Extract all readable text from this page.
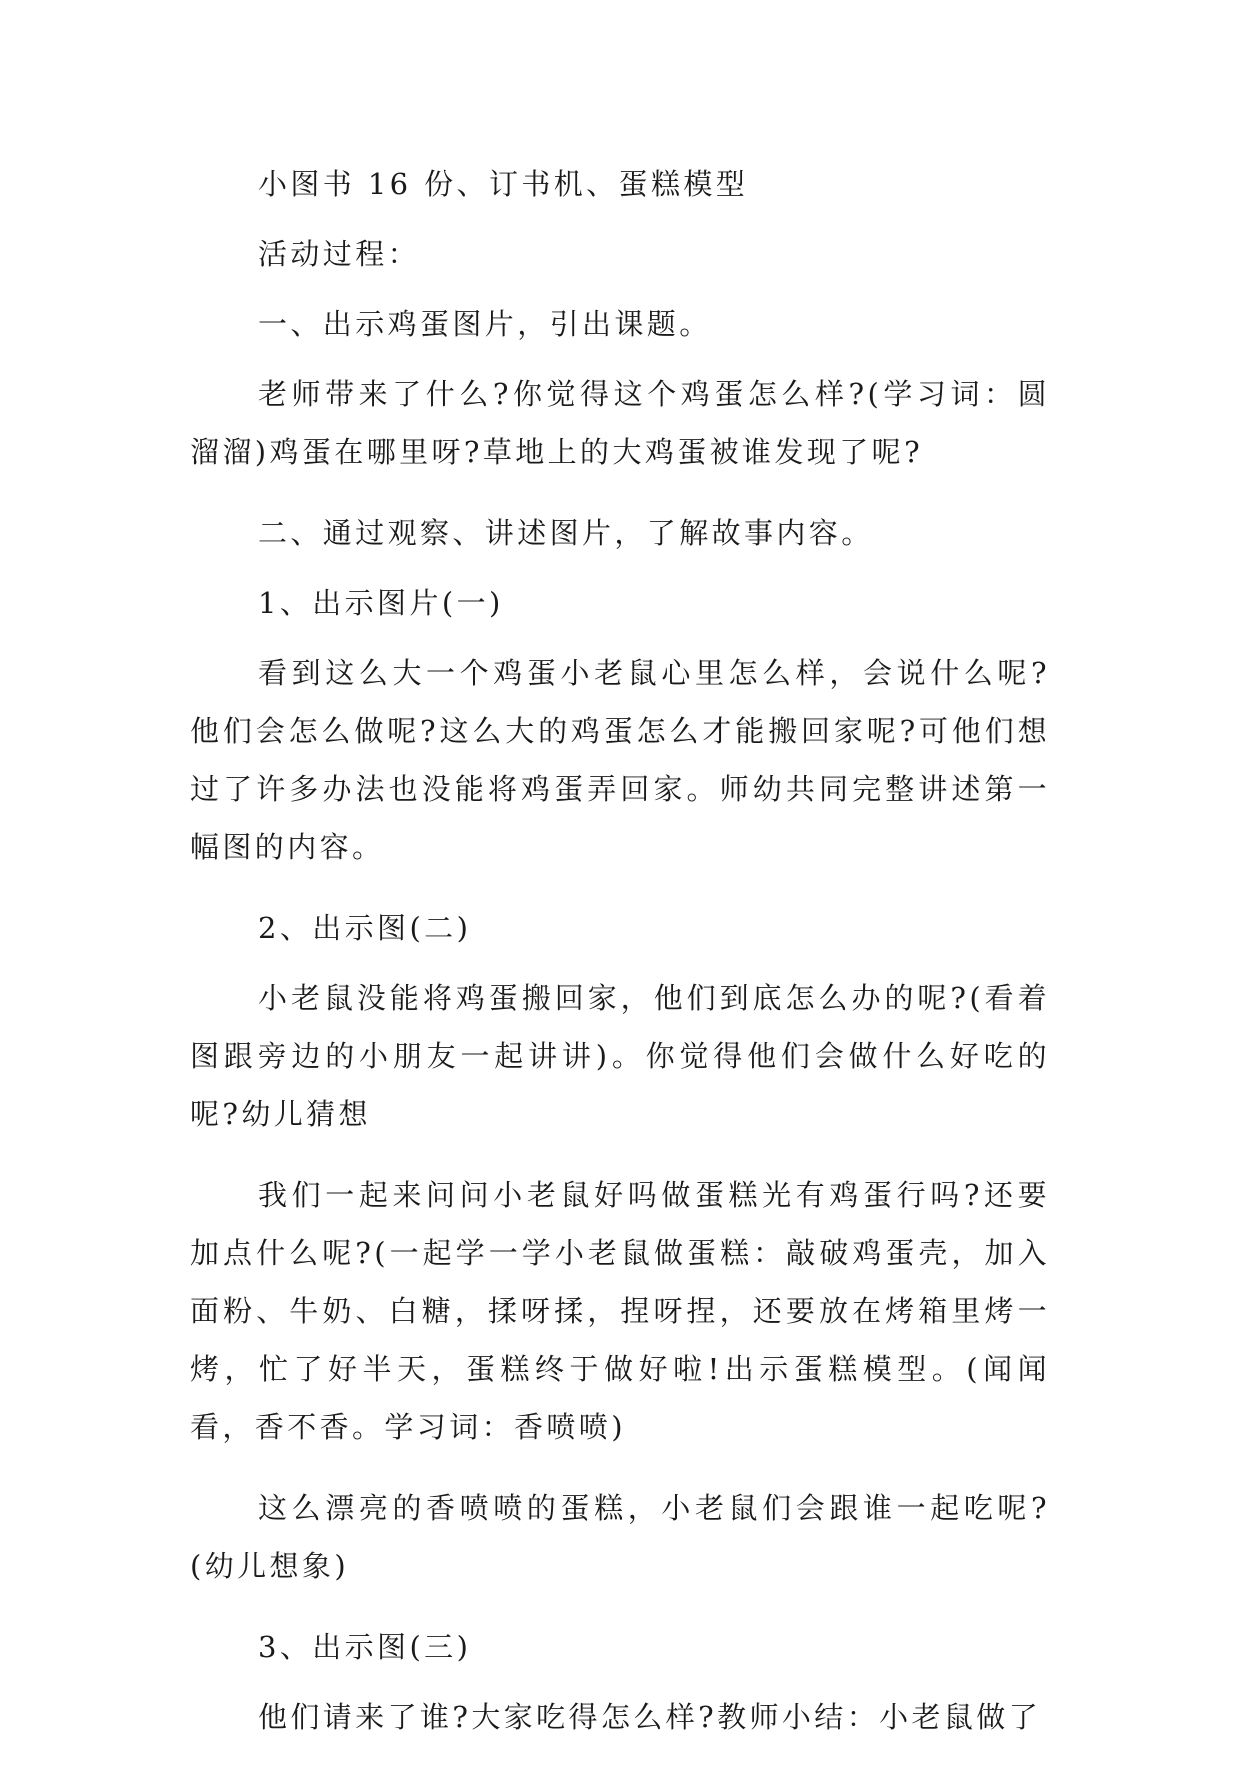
小图书 16 份、订书机、蛋糕模型

活动过程：

一、出示鸡蛋图片，引出课题。

老师带来了什么?你觉得这个鸡蛋怎么样?(学习词：圆溜溜)鸡蛋在哪里呀?草地上的大鸡蛋被谁发现了呢?

二、通过观察、讲述图片，了解故事内容。

1、出示图片(一)

看到这么大一个鸡蛋小老鼠心里怎么样，会说什么呢?他们会怎么做呢?这么大的鸡蛋怎么才能搬回家呢?可他们想过了许多办法也没能将鸡蛋弄回家。师幼共同完整讲述第一幅图的内容。

2、出示图(二)

小老鼠没能将鸡蛋搬回家，他们到底怎么办的呢?(看着图跟旁边的小朋友一起讲讲)。你觉得他们会做什么好吃的呢?幼儿猜想

我们一起来问问小老鼠好吗做蛋糕光有鸡蛋行吗?还要加点什么呢?(一起学一学小老鼠做蛋糕：敲破鸡蛋壳，加入面粉、牛奶、白糖，揉呀揉，捏呀捏，还要放在烤箱里烤一烤，忙了好半天，蛋糕终于做好啦!出示蛋糕模型。(闻闻看，香不香。学习词：香喷喷)

这么漂亮的香喷喷的蛋糕，小老鼠们会跟谁一起吃呢?(幼儿想象)

3、出示图(三)

他们请来了谁?大家吃得怎么样?教师小结：小老鼠做了
